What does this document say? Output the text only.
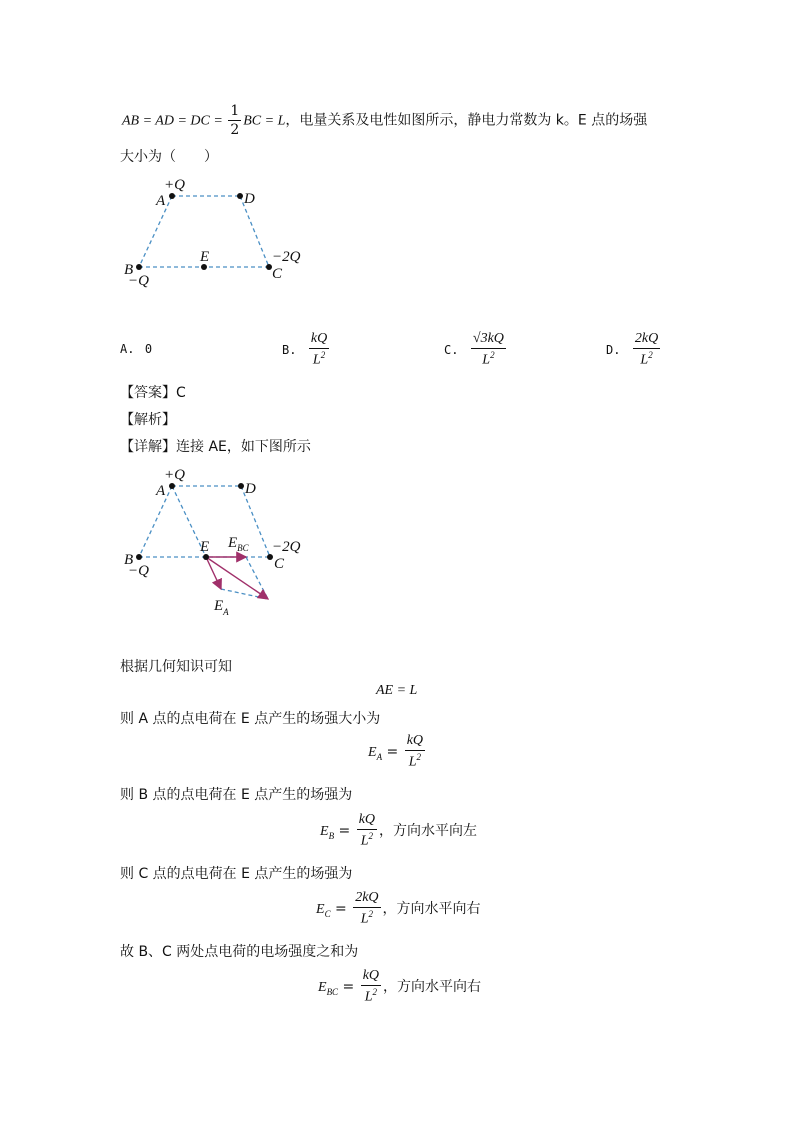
AB = AD = DC = $\frac{1}{2}$ BC = L，电量关系及电性如图所示，静电力常数为 k。E 点的场强
大小为（　　）
+Q
A	D
E	−2Q
B
−Q	C
A. 0	B. $\frac{kQ}{L^2}$	C. $\frac{√3kQ}{L^2}$	D. $\frac{2kQ}{L^2}$
【答案】C
【解析】
【详解】连接 AE，如下图所示
+Q
A	D
E $E_{BC} -2Q$
B
−Q	C
$E_A$
根据几何知识可知
AE = L
则 A 点的点电荷在 E 点产生的场强大小为
$E_A = \frac{kQ}{L^2}$
则 B 点的点电荷在 E 点产生的场强为
$E_B = \frac{kQ}{L^2}$ ，方向水平向左
则 C 点的点电荷在 E 点产生的场强为
$E_C = \frac{2kQ}{L^2}$ ，方向水平向右
故 B、C 两处点电荷的电场强度之和为
$E_{BC} = \frac{kQ}{L^2}$ ，方向水平向右
